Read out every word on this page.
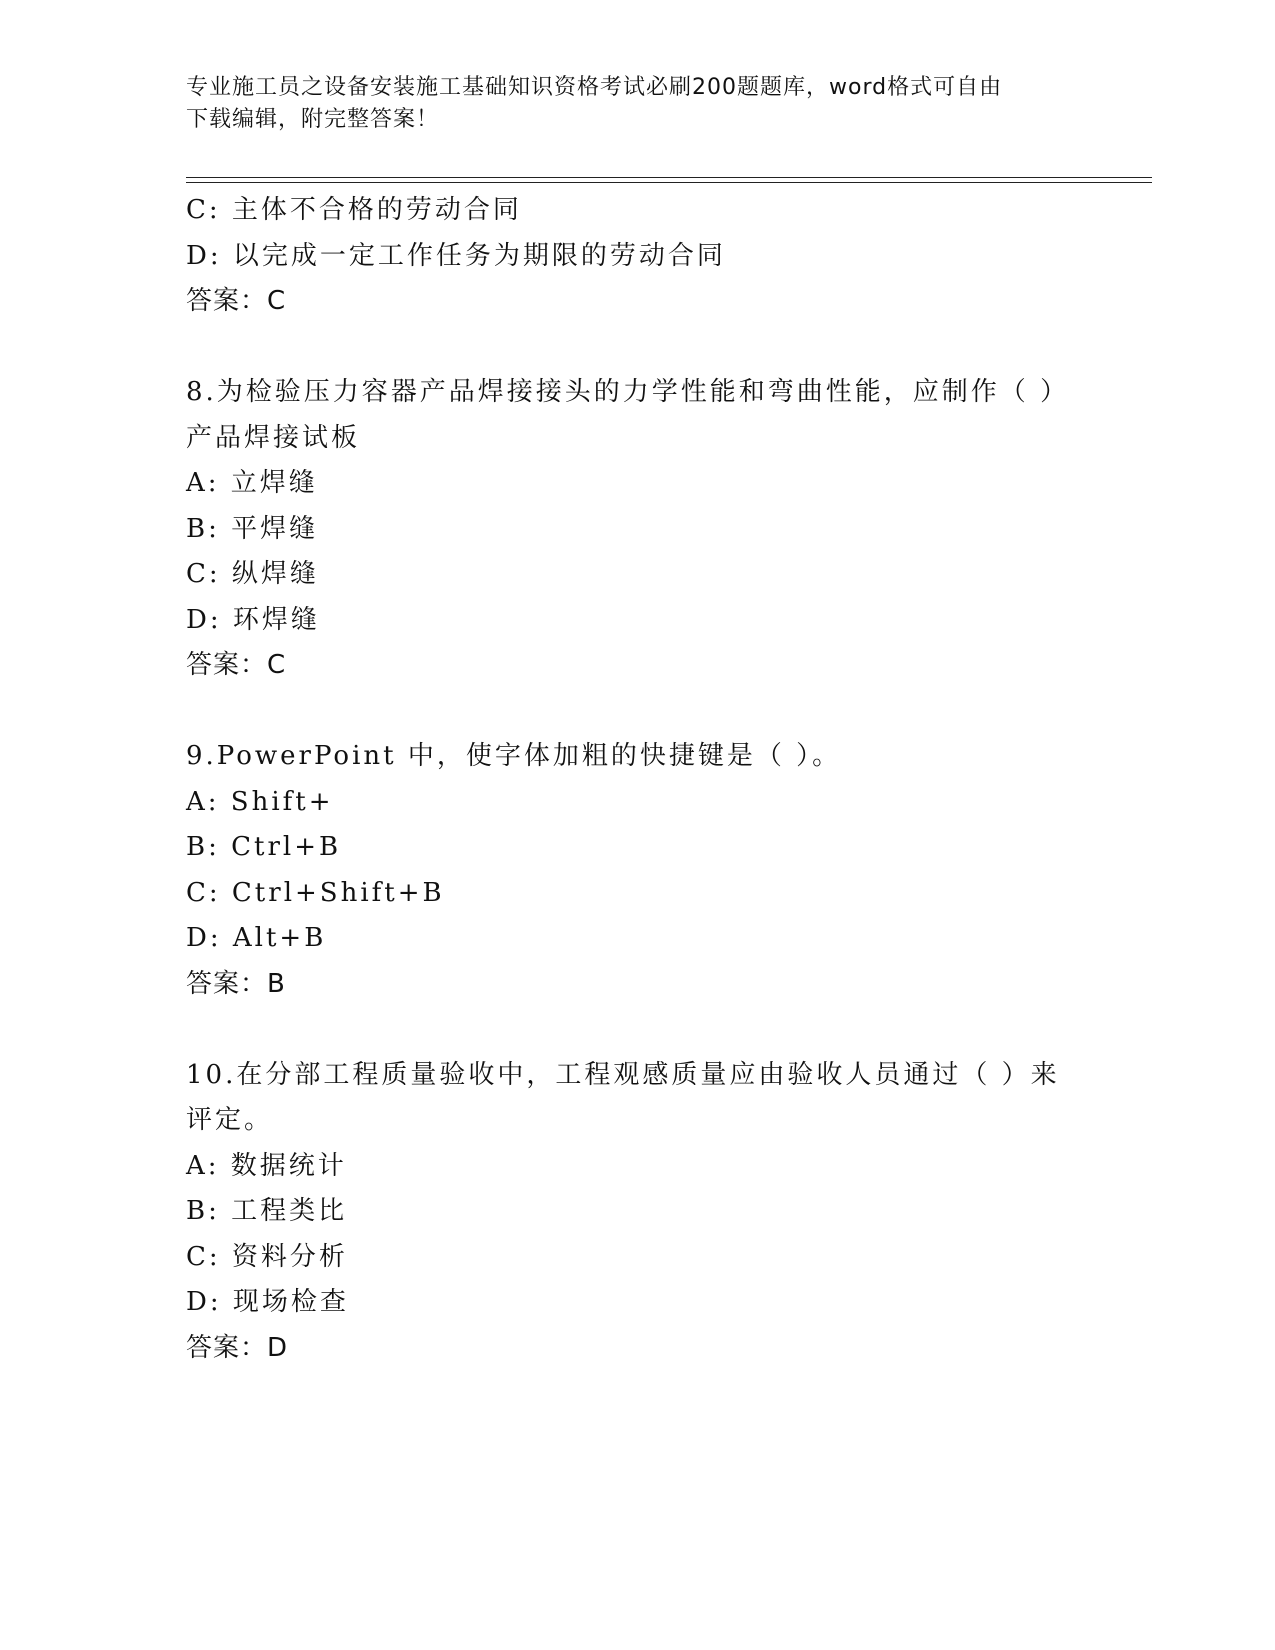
专业施工员之设备安装施工基础知识资格考试必刷200题题库，word格式可自由
下载编辑，附完整答案！
C: 主体不合格的劳动合同
D: 以完成一定工作任务为期限的劳动合同
答案：C
8.为检验压力容器产品焊接接头的力学性能和弯曲性能，应制作（ ）
产品焊接试板
A: 立焊缝
B: 平焊缝
C: 纵焊缝
D: 环焊缝
答案：C
9.PowerPoint 中，使字体加粗的快捷键是（ ）。
A: Shift+
B: Ctrl+B
C: Ctrl+Shift+B
D: Alt+B
答案：B
10.在分部工程质量验收中，工程观感质量应由验收人员通过（ ）来
评定。
A: 数据统计
B: 工程类比
C: 资料分析
D: 现场检查
答案：D
